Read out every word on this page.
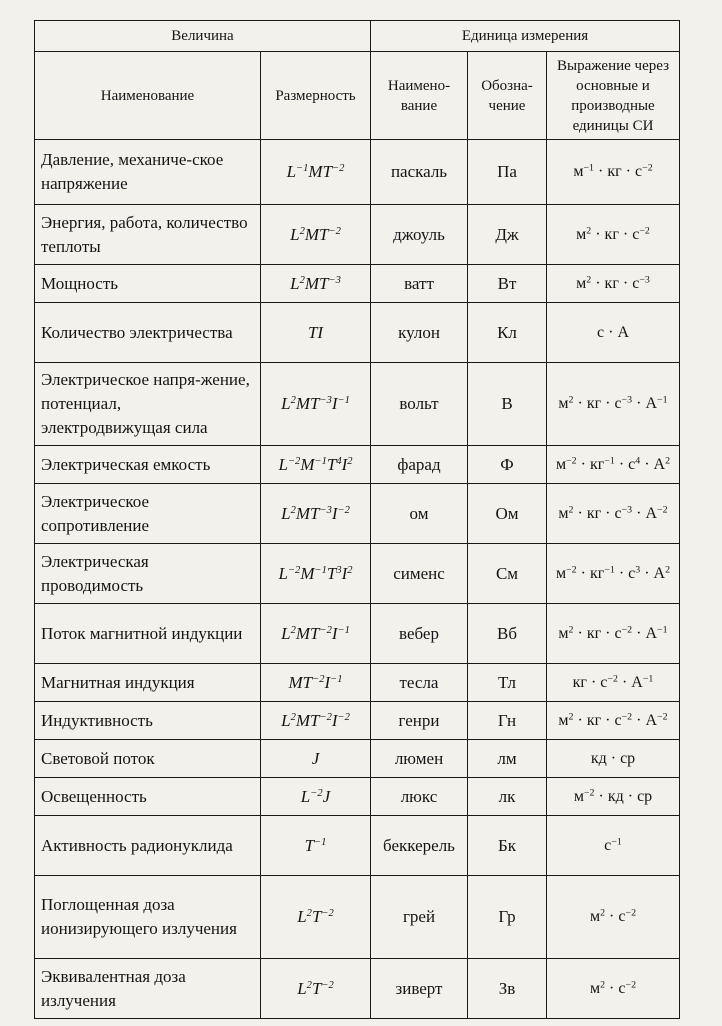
Величина		Единица измерения		
Наименование	Размерность	Наимено-вание	Обозна-чение	Выражение через основные и производные единицы СИ
Давление, механиче-ское напряжение	$L^{-1}MT^{-2}$	паскаль	Па	$м^{-1}$ · кг · $с^{-2}$
Энергия, работа, количество теплоты	$L^2MT^{-2}$	джоуль	Дж	$м^2$ · кг · $с^{-2}$
Мощность	$L^2MT^{-3}$	ватт	Вт	$м^2$ · кг · $с^{-3}$
Количество электричества	TI	кулон	Кл	с · А
Электрическое напря-жение, потенциал, электродвижущая сила	$L^2MT^{-3}I^{-1}$	вольт	В	$м^2$ · кг · $с^{-3} \cdot А^{-1}$
Электрическая емкость	$L^{-2}M^{-1}T^4I^2$	фарад	Ф	$м^{-2} \cdot кг^{-1} \cdot с^4 \cdot А^2$
Электрическое сопротивление	$L^2MT^{-3}I^{-2}$	ом	Ом	$м^2$ · кг · $с^{-3} \cdot А^{-2}$
Электрическая проводимость	$L^{-2}M^{-1}T^3I^2$	сименс	См	$м^{-2} \cdot кг^{-1} \cdot с^3 \cdot А^2$
Поток магнитной индукции	$L^2MT^{-2}I^{-1}$	вебер	Вб	$м^2$ · кг · $с^{-2} \cdot А^{-1}$
Магнитная индукция	$MT^{-2}I^{-1}$	тесла	Тл	кг · $с^{-2} \cdot А^{-1}$
Индуктивность	$L^2MT^{-2}I^{-2}$	генри	Гн	$м^2$ · кг · $с^{-2} \cdot А^{-2}$
Световой поток	J	люмен	лм	кд · ср
Освещенность	$L^{-2}J$	люкс	лк	$м^{-2}$ · кд · ср
Активность радионуклида	$T^{-1}$	беккерель	Бк	$с^{-1}$
Поглощенная доза ионизирующего излучения	$L^2T^{-2}$	грей	Гр	$м^2 \cdot с^{-2}$
Эквивалентная доза излучения	$L^2T^{-2}$	зиверт	Зв	$м^2 \cdot с^{-2}$
